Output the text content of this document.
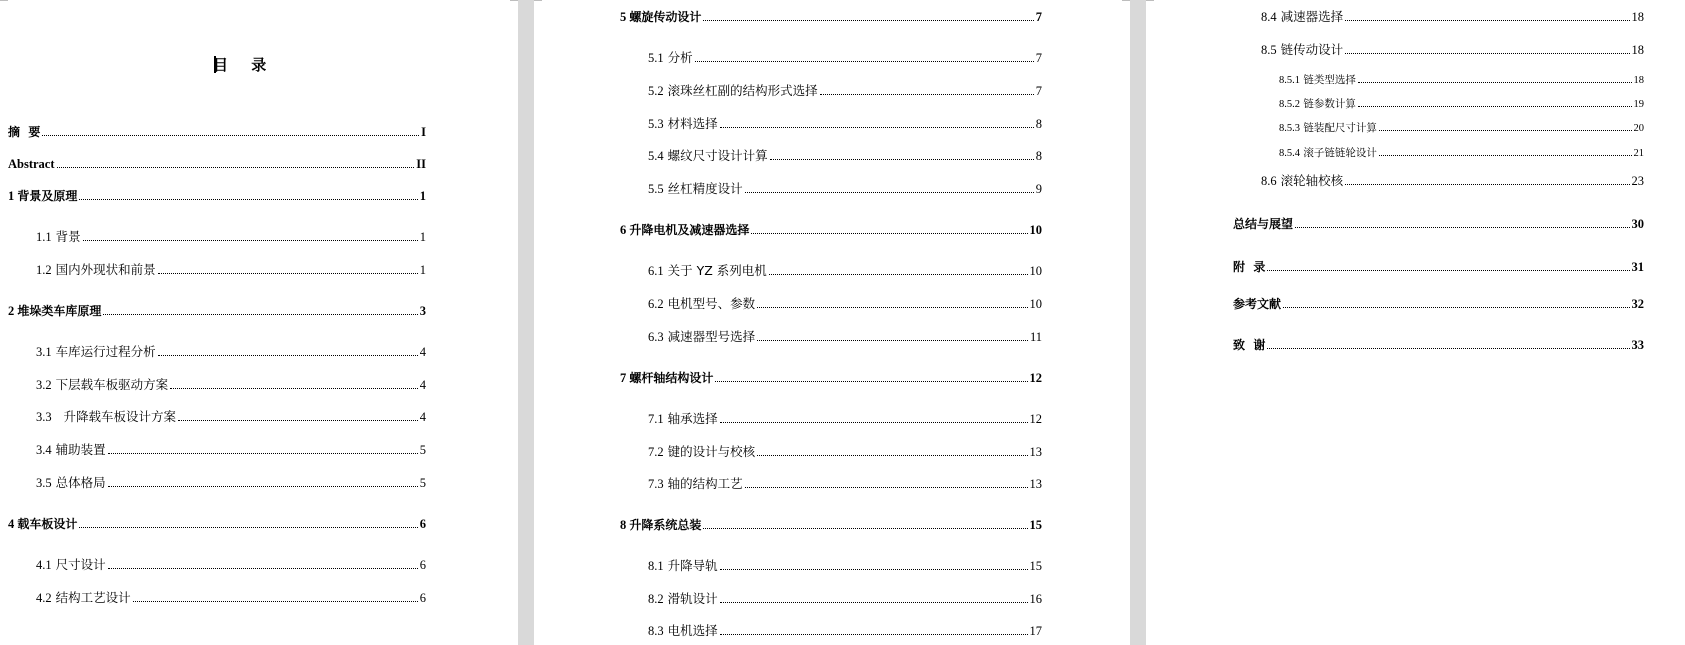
目 录
摘  要	I
Abstract	II
1 背景及原理	1
1.1 背景	1
1.2 国内外现状和前景	1
2 堆垛类车库原理	3
3.1 车库运行过程分析	4
3.2 下层载车板驱动方案	4
3.3   升降载车板设计方案	4
3.4 辅助装置	5
3.5 总体格局	5
4 载车板设计	6
4.1 尺寸设计	6
4.2 结构工艺设计	6
5 螺旋传动设计	7
5.1 分析	7
5.2 滚珠丝杠副的结构形式选择	7
5.3 材料选择	8
5.4 螺纹尺寸设计计算	8
5.5 丝杠精度设计	9
6 升降电机及减速器选择	10
6.1 关于 YZ 系列电机	10
6.2 电机型号、参数	10
6.3 减速器型号选择	11
7 螺杆轴结构设计	12
7.1 轴承选择	12
7.2 键的设计与校核	13
7.3 轴的结构工艺	13
8 升降系统总装	15
8.1 升降导轨	15
8.2 滑轨设计	16
8.3 电机选择	17
8.4 减速器选择	18
8.5 链传动设计	18
8.5.1 链类型选择	18
8.5.2 链参数计算	19
8.5.3 链装配尺寸计算	20
8.5.4 滚子链链轮设计	21
8.6 滚轮轴校核	23
总结与展望	30
附  录	31
参考文献	32
致  谢	33
